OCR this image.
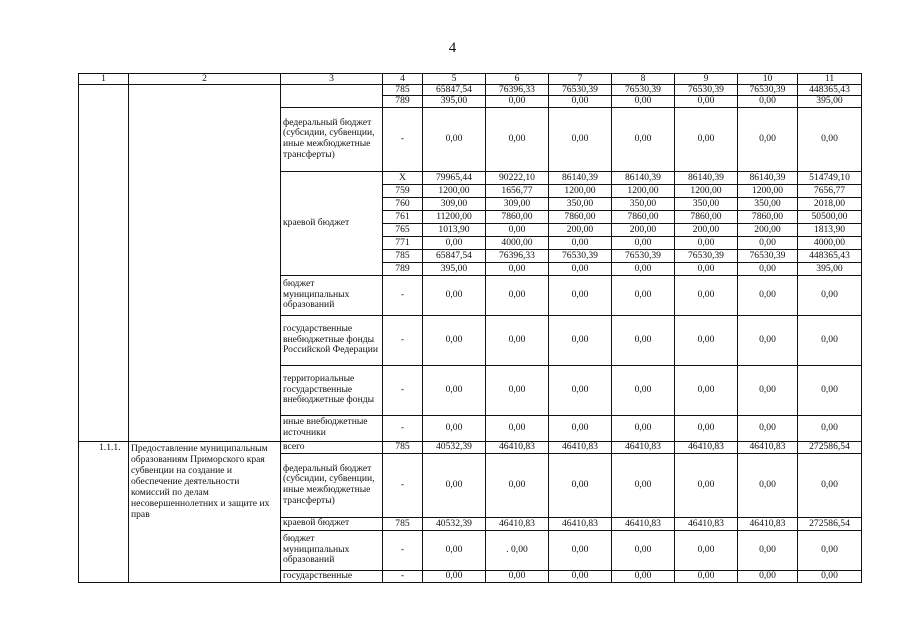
4
1	2	3	4	5	6	7	8	9	10	11
			785	65847,54	76396,33	76530,39	76530,39	76530,39	76530,39	448365,43
			789	395,00	0,00	0,00	0,00	0,00	0,00	395,00
		федеральный бюджет (субсидии, субвенции, иные межбюджетные трансферты)	-	0,00	0,00	0,00	0,00	0,00	0,00	0,00
		краевой бюджет	X	79965,44	90222,10	86140,39	86140,39	86140,39	86140,39	514749,10
			759	1200,00	1656,77	1200,00	1200,00	1200,00	1200,00	7656,77
			760	309,00	309,00	350,00	350,00	350,00	350,00	2018,00
			761	11200,00	7860,00	7860,00	7860,00	7860,00	7860,00	50500,00
			765	1013,90	0,00	200,00	200,00	200,00	200,00	1813,90
			771	0,00	4000,00	0,00	0,00	0,00	0,00	4000,00
			785	65847,54	76396,33	76530,39	76530,39	76530,39	76530,39	448365,43
			789	395,00	0,00	0,00	0,00	0,00	0,00	395,00
		бюджет муниципальных образований	-	0,00	0,00	0,00	0,00	0,00	0,00	0,00
		государственные внебюджетные фонды Российской Федерации	-	0,00	0,00	0,00	0,00	0,00	0,00	0,00
		территориальные государственные внебюджетные фонды	-	0,00	0,00	0,00	0,00	0,00	0,00	0,00
		иные внебюджетные источники	-	0,00	0,00	0,00	0,00	0,00	0,00	0,00
1.1.1.	Предоставление муниципальным образованиям Приморского края субвенции на создание и обеспечение деятельности комиссий по делам несовершеннолетних и защите их прав	всего	785	40532,39	46410,83	46410,83	46410,83	46410,83	46410,83	272586,54
		федеральный бюджет (субсидии, субвенции, иные межбюджетные трансферты)	-	0,00	0,00	0,00	0,00	0,00	0,00	0,00
		краевой бюджет	785	40532,39	46410,83	46410,83	46410,83	46410,83	46410,83	272586,54
		бюджет муниципальных образований	-	0,00	. 0,00	0,00	0,00	0,00	0,00	0,00
		государственные	-	0,00	0,00	0,00	0,00	0,00	0,00	0,00
